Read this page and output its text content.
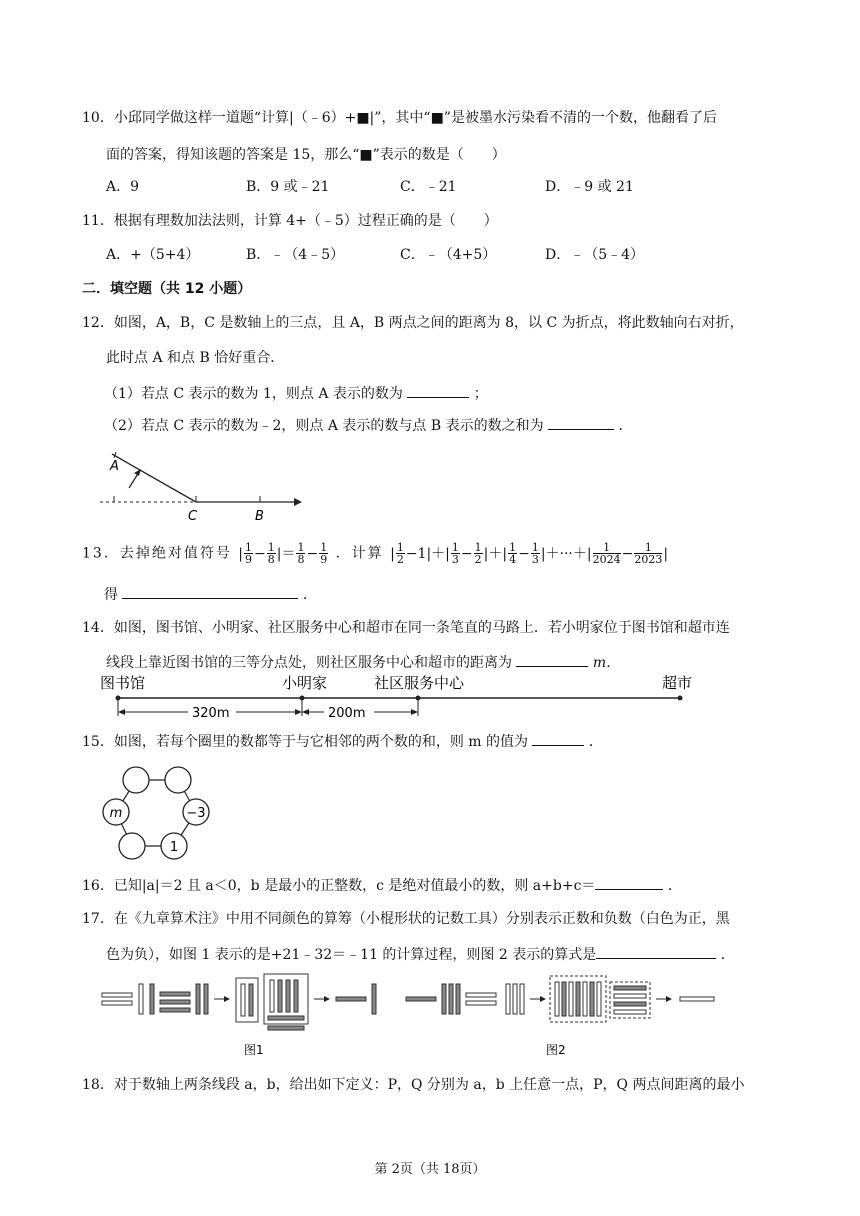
10．小邱同学做这样一道题“计算|（﹣6）+■|”，其中“■”是被墨水污染看不清的一个数，他翻看了后
面的答案，得知该题的答案是 15，那么“■”表示的数是（　　）
A．9	B．9 或﹣21	C．﹣21	D．﹣9 或 21
11．根据有理数加法法则，计算 4+（﹣5）过程正确的是（　　）
A．+（5+4）	B．﹣（4﹣5）	C．﹣（4+5）	D．﹣（5﹣4）
二．填空题（共 12 小题）
12．如图，A，B，C 是数轴上的三点，且 A，B 两点之间的距离为 8，以 C 为折点，将此数轴向右对折，
此时点 A 和点 B 恰好重合．
（1）若点 C 表示的数为 1，则点 A 表示的数为	；
（2）若点 C 表示的数为﹣2，则点 A 表示的数与点 B 表示的数之和为	．
A
C	B
13．去掉绝对值符号 | $\frac{1}{9} - \frac{1}{8}$ |＝ $\frac{1}{8} - \frac{1}{9}$ ．计算 | $\frac{1}{2} -1|+| \frac{1}{3} - \frac{1}{2}$ |＋| $\frac{1}{4} - \frac{1}{3}$ |＋···＋| $\frac{1}{2024} - \frac{1}{2023}$ |
得	．
14．如图，图书馆、小明家、社区服务中心和超市在同一条笔直的马路上．若小明家位于图书馆和超市连
线段上靠近图书馆的三等分点处，则社区服务中心和超市的距离为	m．
图书馆	小明家	社区服务中心	超市
320m	200m
15．如图，若每个圈里的数都等于与它相邻的两个数的和，则 m 的值为	．
m	−3
1
16．已知|a|＝2 且 a＜0，b 是最小的正整数，c 是绝对值最小的数，则 a+b+c＝	．
17．在《九章算术注》中用不同颜色的算筹（小棍形状的记数工具）分别表示正数和负数（白色为正，黑
色为负），如图 1 表示的是+21﹣32＝﹣11 的计算过程，则图 2 表示的算式是	．
图1	图2
18．对于数轴上两条线段 a，b，给出如下定义：P，Q 分别为 a，b 上任意一点，P，Q 两点间距离的最小
第 2页（共 18页）
